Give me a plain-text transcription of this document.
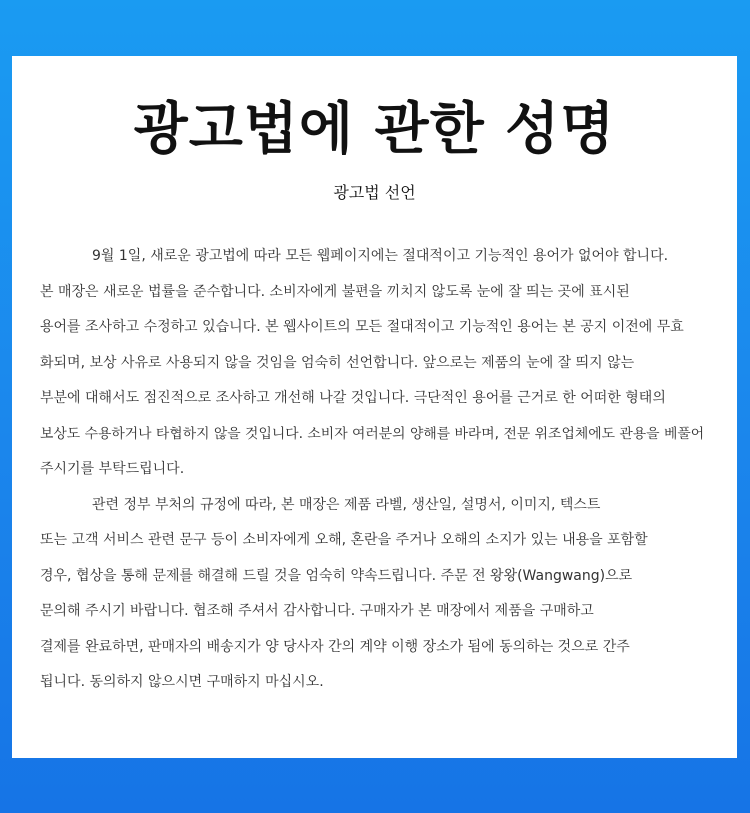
광고법에 관한 성명
광고법 선언
9월 1일, 새로운 광고법에 따라 모든 웹페이지에는 절대적이고 기능적인 용어가 없어야 합니다.
본 매장은 새로운 법률을 준수합니다. 소비자에게 불편을 끼치지 않도록 눈에 잘 띄는 곳에 표시된
용어를 조사하고 수정하고 있습니다. 본 웹사이트의 모든 절대적이고 기능적인 용어는 본 공지 이전에 무효
화되며, 보상 사유로 사용되지 않을 것임을 엄숙히 선언합니다. 앞으로는 제품의 눈에 잘 띄지 않는
부분에 대해서도 점진적으로 조사하고 개선해 나갈 것입니다. 극단적인 용어를 근거로 한 어떠한 형태의
보상도 수용하거나 타협하지 않을 것입니다. 소비자 여러분의 양해를 바라며, 전문 위조업체에도 관용을 베풀어
주시기를 부탁드립니다.
관련 정부 부처의 규정에 따라, 본 매장은 제품 라벨, 생산일, 설명서, 이미지, 텍스트
또는 고객 서비스 관련 문구 등이 소비자에게 오해, 혼란을 주거나 오해의 소지가 있는 내용을 포함할
경우, 협상을 통해 문제를 해결해 드릴 것을 엄숙히 약속드립니다. 주문 전 왕왕(Wangwang)으로
문의해 주시기 바랍니다. 협조해 주셔서 감사합니다. 구매자가 본 매장에서 제품을 구매하고
결제를 완료하면, 판매자의 배송지가 양 당사자 간의 계약 이행 장소가 됨에 동의하는 것으로 간주
됩니다. 동의하지 않으시면 구매하지 마십시오.
